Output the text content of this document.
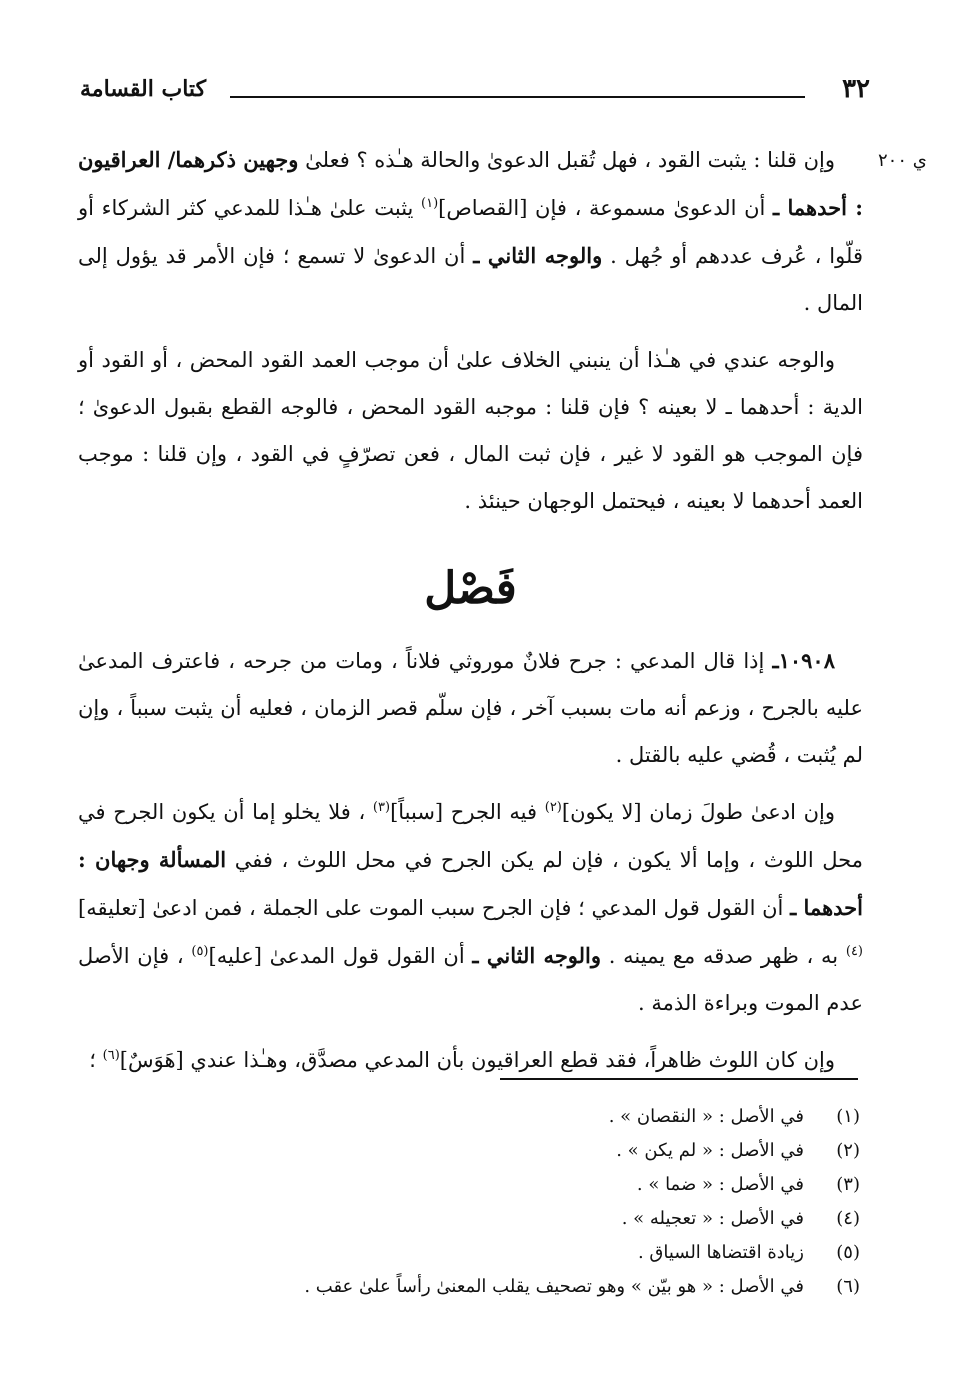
٣٢
كتاب القسامة
ي ٢٠٠

وإن قلنا : يثبت القود ، فهل تُقبل الدعوىٰ والحالة هـٰذه ؟ فعلىٰ وجهين ذكرهما/ العراقيون : أحدهما ـ أن الدعوىٰ مسموعة ، فإن [القصاص]$^{(١)}$ يثبت علىٰ هـٰذا للمدعي كثر الشركاء أو قلّوا ، عُرف عددهم أو جُهل . والوجه الثاني ـ أن الدعوىٰ لا تسمع ؛ فإن الأمر قد يؤول إلى المال .

والوجه عندي في هـٰذا أن ينبني الخلاف علىٰ أن موجب العمد القود المحض ، أو القود أو الدية : أحدهما ـ لا بعينه ؟ فإن قلنا : موجبه القود المحض ، فالوجه القطع بقبول الدعوىٰ ؛ فإن الموجب هو القود لا غير ، فإن ثبت المال ، فعن تصرّفٍ في القود ، وإن قلنا : موجب العمد أحدهما لا بعينه ، فيحتمل الوجهان حينئذ .

فَصْل

١٠٩٠٨ـ إذا قال المدعي : جرح فلانٌ موروثي فلاناً ، ومات من جرحه ، فاعترف المدعىٰ عليه بالجرح ، وزعم أنه مات بسبب آخر ، فإن سلّم قصر الزمان ، فعليه أن يثبت سبباً ، وإن لم يُثبت ، قُضي عليه بالقتل .

وإن ادعىٰ طولَ زمان [لا يكون]$^{(٢)}$ فيه الجرح [سبباً]$^{(٣)}$ ، فلا يخلو إما أن يكون الجرح في محل اللوث ، وإما ألا يكون ، فإن لم يكن الجرح في محل اللوث ، ففي المسألة وجهان : أحدهما ـ أن القول قول المدعي ؛ فإن الجرح سبب الموت على الجملة ، فمن ادعىٰ [تعليقه]$^{(٤)}$ به ، ظهر صدقه مع يمينه . والوجه الثاني ـ أن القول قول المدعىٰ [عليه]$^{(٥)}$ ، فإن الأصل عدم الموت وبراءة الذمة .

وإن كان اللوث ظاهراً، فقد قطع العراقيون بأن المدعي مصدَّق، وهـٰذا عندي [هَوَسٌ]$^{(٦)}$ ؛

(١)
في الأصل : « النقصان » .
(٢)
في الأصل : « لم يكن » .
(٣)
في الأصل : « ضما » .
(٤)
في الأصل : « تعجيله » .
(٥)
زيادة اقتضاها السياق .
(٦)
في الأصل : « هو بيّن » وهو تصحيف يقلب المعنىٰ رأساً علىٰ عقب .
